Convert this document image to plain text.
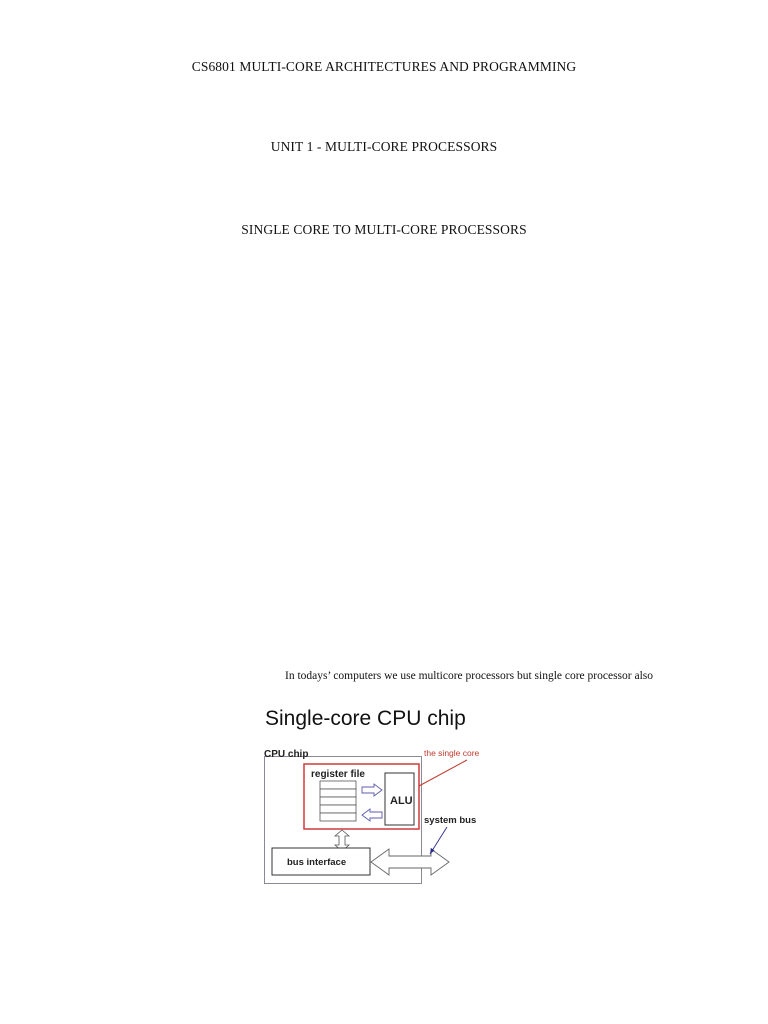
CS6801 MULTI-CORE ARCHITECTURES AND PROGRAMMING
UNIT 1 - MULTI-CORE PROCESSORS
SINGLE CORE TO MULTI-CORE PROCESSORS
In todays’ computers we use multicore processors but single core processor also
Single-core CPU chip
CPU chip
register file
ALU
the single core
bus interface
system bus
